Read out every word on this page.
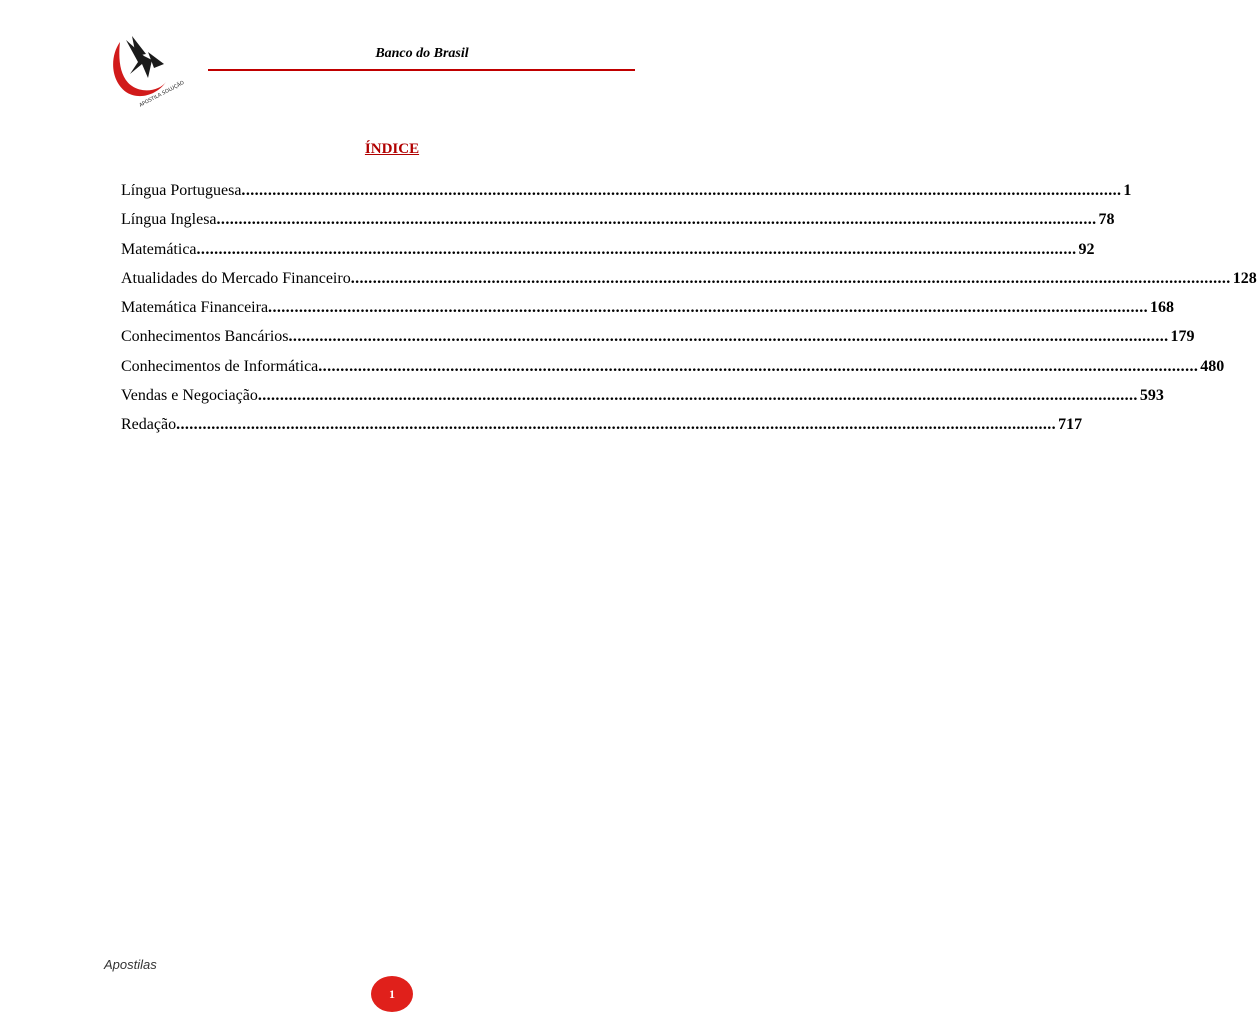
APOSTILA SOLUÇÃO
Banco do Brasil
ÍNDICE
Língua Portuguesa ........................................................................................................................................................................................................ 1
Língua Inglesa ........................................................................................................................................................................................................ 78
Matemática ........................................................................................................................................................................................................ 92
Atualidades do Mercado Financeiro ........................................................................................................................................................................................................ 128
Matemática Financeira ........................................................................................................................................................................................................ 168
Conhecimentos Bancários ........................................................................................................................................................................................................ 179
Conhecimentos de Informática ........................................................................................................................................................................................................ 480
Vendas e Negociação ........................................................................................................................................................................................................ 593
Redação ........................................................................................................................................................................................................ 717
Apostilas
1
